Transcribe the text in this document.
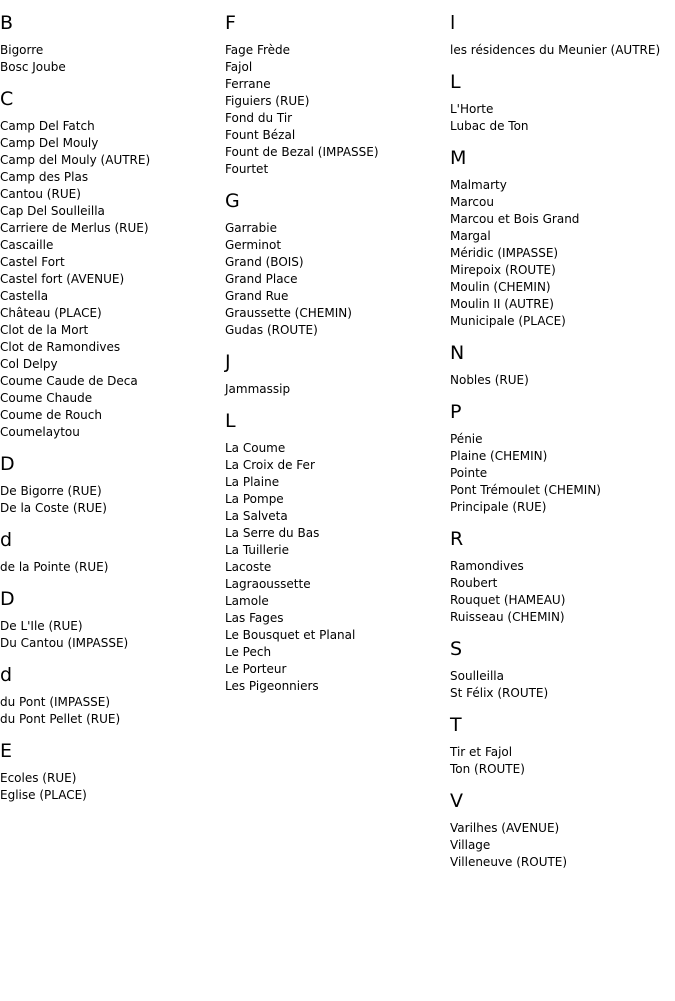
B
Bigorre
Bosc Joube
C
Camp Del Fatch
Camp Del Mouly
Camp del Mouly (AUTRE)
Camp des Plas
Cantou (RUE)
Cap Del Soulleilla
Carriere de Merlus (RUE)
Cascaille
Castel Fort
Castel fort (AVENUE)
Castella
Château (PLACE)
Clot de la Mort
Clot de Ramondives
Col Delpy
Coume Caude de Deca
Coume Chaude
Coume de Rouch
Coumelaytou
D
De Bigorre (RUE)
De la Coste (RUE)
d
de la Pointe (RUE)
D
De L'Ile (RUE)
Du Cantou (IMPASSE)
d
du Pont (IMPASSE)
du Pont Pellet (RUE)
E
Ecoles (RUE)
Eglise (PLACE)
F
Fage Frède
Fajol
Ferrane
Figuiers (RUE)
Fond du Tir
Fount Bézal
Fount de Bezal (IMPASSE)
Fourtet
G
Garrabie
Germinot
Grand (BOIS)
Grand Place
Grand Rue
Graussette (CHEMIN)
Gudas (ROUTE)
J
Jammassip
L
La Coume
La Croix de Fer
La Plaine
La Pompe
La Salveta
La Serre du Bas
La Tuillerie
Lacoste
Lagraoussette
Lamole
Las Fages
Le Bousquet et Planal
Le Pech
Le Porteur
Les Pigeonniers
l
les résidences du Meunier (AUTRE)
L
L'Horte
Lubac de Ton
M
Malmarty
Marcou
Marcou et Bois Grand
Margal
Méridic (IMPASSE)
Mirepoix (ROUTE)
Moulin (CHEMIN)
Moulin II (AUTRE)
Municipale (PLACE)
N
Nobles (RUE)
P
Pénie
Plaine (CHEMIN)
Pointe
Pont Trémoulet (CHEMIN)
Principale (RUE)
R
Ramondives
Roubert
Rouquet (HAMEAU)
Ruisseau (CHEMIN)
S
Soulleilla
St Félix (ROUTE)
T
Tir et Fajol
Ton (ROUTE)
V
Varilhes (AVENUE)
Village
Villeneuve (ROUTE)
